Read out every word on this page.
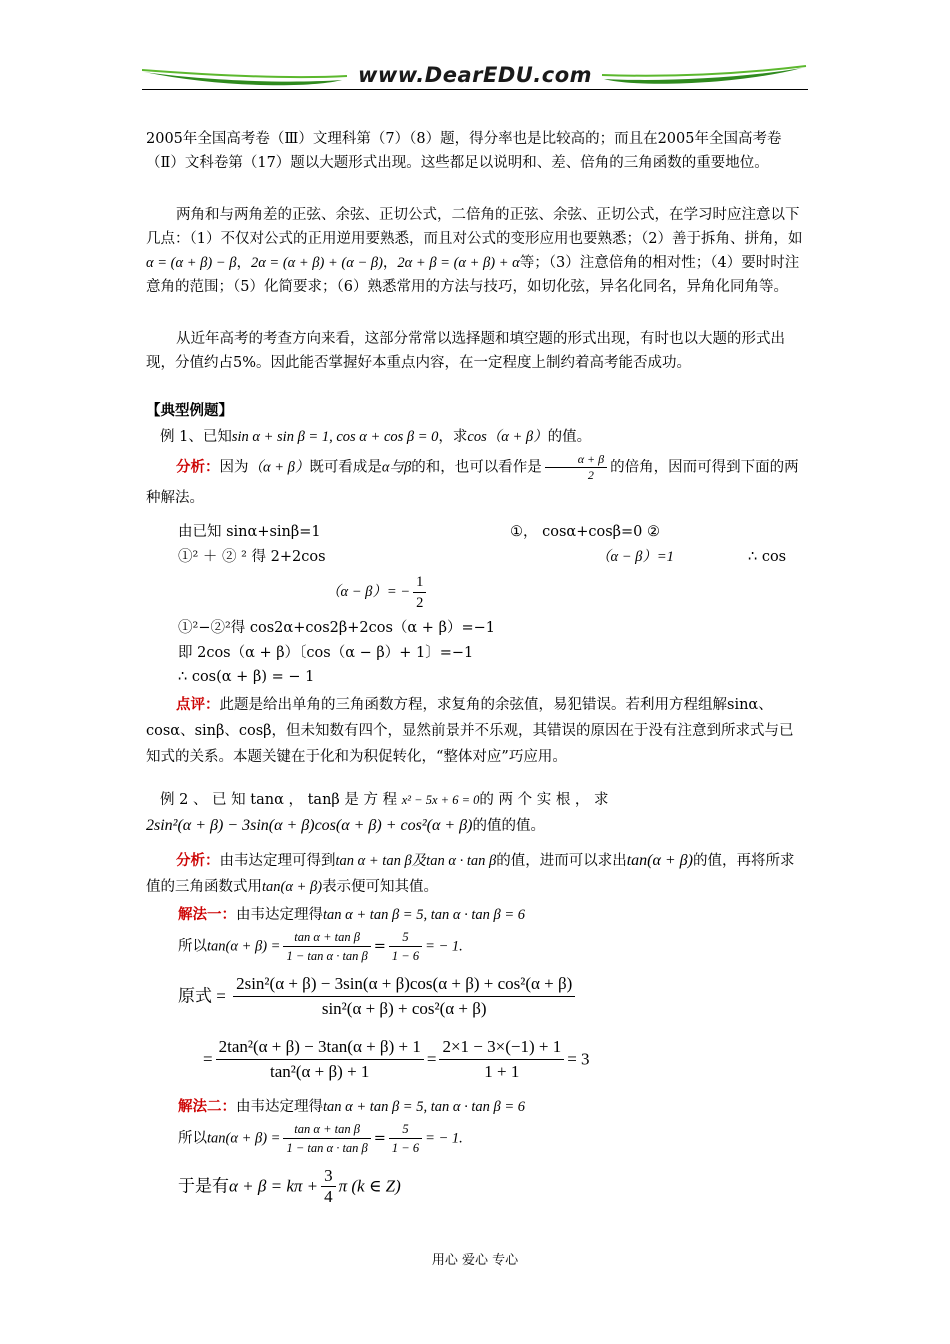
www.DearEDU.com
2005年全国高考卷（Ⅲ）文理科第（7）（8）题，得分率也是比较高的；而且在2005年全国高考卷（Ⅱ）文科卷第（17）题以大题形式出现。这些都足以说明和、差、倍角的三角函数的重要地位。
两角和与两角差的正弦、余弦、正切公式，二倍角的正弦、余弦、正切公式，在学习时应注意以下几点：（1）不仅对公式的正用逆用要熟悉，而且对公式的变形应用也要熟悉；（2）善于拆角、拼角，如α = (α + β) − β，2α = (α + β) + (α − β)，2α + β = (α + β) + α等；（3）注意倍角的相对性；（4）要时时注意角的范围；（5）化简要求；（6）熟悉常用的方法与技巧，如切化弦，异名化同名，异角化同角等。
从近年高考的考查方向来看，这部分常常以选择题和填空题的形式出现，有时也以大题的形式出现，分值约占5%。因此能否掌握好本重点内容，在一定程度上制约着高考能否成功。
【典型例题】
例 1、已知sin α + sin β = 1, cos α + cos β = 0，求cos（α + β）的值。
分析：因为（α + β）既可看成是α与β的和，也可以看作是 $\frac{\alpha + \beta}{2}$ 的倍角，因而可得到下面的两种解法。
由已知 sinα+sinβ=1	①， cosα+cosβ=0 ②
①² ＋ ② ² 得 2+2cos	（α − β）=1	∴ cos
$(\alpha - \beta)= - \frac{1}{2}$
①²−②²得 cos2α+cos2β+2cos（α + β）=−1
即 2cos（α + β）〔cos（α − β）+ 1〕=−1
∴ cos(α + β) = − 1
点评：此题是给出单角的三角函数方程，求复角的余弦值，易犯错误。若利用方程组解sinα、cosα、sinβ、cosβ，但未知数有四个，显然前景并不乐观，其错误的原因在于没有注意到所求式与已知式的关系。本题关键在于化和为积促转化，“整体对应”巧应用。
例 2 、 已 知 tanα ， tanβ 是 方 程 x² − 5x + 6 = 0的 两 个 实 根 ， 求
2sin²(α + β) − 3sin(α + β)cos(α + β) + cos²(α + β)的值的值。
分析：由韦达定理可得到tan α + tan β及tan α · tan β的值，进而可以求出tan(α + β)的值，再将所求值的三角函数式用tan(α + β)表示便可知其值。
解法一：由韦达定理得tan α + tan β = 5, tan α · tan β = 6
所以$\tan(\alpha + \beta) = \frac{\text{tan α + tan β}}{\text{1 − tan α · tan β}} = \frac{5}{1 - 6}$ = − 1.
原式 = $\frac{\text{2sin²(α + β) − 3sin(α + β)cos(α + β) + cos²(α + β)}}{\text{sin²(α + β) + cos²(α + β)}}$
= $\frac{\text{2tan²(α + β) − 3tan(α + β) + 1}}{\text{tan²(α + β) + 1}} = \frac{2\times 1 - 3\times(-1) + 1}{1 + 1} = 3$
解法二：由韦达定理得tan α + tan β = 5, tan α · tan β = 6
所以$\tan(\alpha + \beta) = \frac{\text{tan α + tan β}}{\text{1 − tan α · tan β}} = \frac{5}{1 - 6}$ = − 1.
于是有$\alpha + \beta = k\pi + \frac{3}{4}$ π (k ∈ Z)
用心 爱心 专心
